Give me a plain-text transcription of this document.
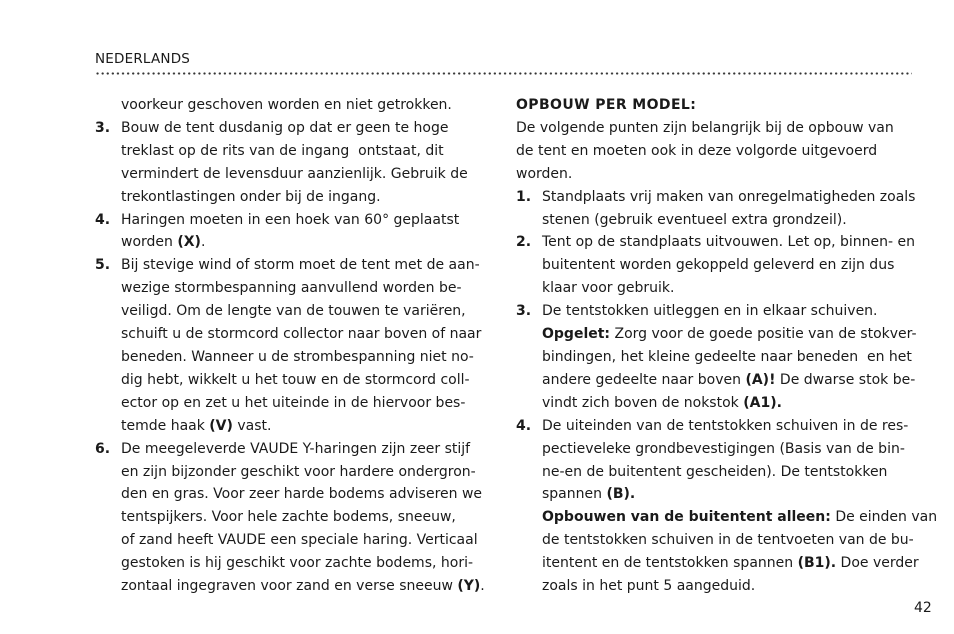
NEDERLANDS
voorkeur geschoven worden en niet getrokken.
3. Bouw de tent dusdanig op dat er geen te hoge
treklast op de rits van de ingang  ontstaat, dit
vermindert de levensduur aanzienlijk. Gebruik de
trekontlastingen onder bij de ingang.
4. Haringen moeten in een hoek van 60° geplaatst
worden (X).
5. Bij stevige wind of storm moet de tent met de aan-
wezige stormbespanning aanvullend worden be-
veiligd. Om de lengte van de touwen te variëren,
schuift u de stormcord collector naar boven of naar
beneden. Wanneer u de strombespanning niet no-
dig hebt, wikkelt u het touw en de stormcord coll-
ector op en zet u het uiteinde in de hiervoor bes-
temde haak (V) vast.
6. De meegeleverde VAUDE Y-haringen zijn zeer stijf
en zijn bijzonder geschikt voor hardere ondergron-
den en gras. Voor zeer harde bodems adviseren we
tentspijkers. Voor hele zachte bodems, sneeuw,
of zand heeft VAUDE een speciale haring. Verticaal
gestoken is hij geschikt voor zachte bodems, hori-
zontaal ingegraven voor zand en verse sneeuw (Y).
OPBOUW PER MODEL:
De volgende punten zijn belangrijk bij de opbouw van
de tent en moeten ook in deze volgorde uitgevoerd
worden.
1. Standplaats vrij maken van onregelmatigheden zoals
stenen (gebruik eventueel extra grondzeil).
2. Tent op de standplaats uitvouwen. Let op, binnen- en
buitentent worden gekoppeld geleverd en zijn dus
klaar voor gebruik.
3. De tentstokken uitleggen en in elkaar schuiven.
Opgelet: Zorg voor de goede positie van de stokver-
bindingen, het kleine gedeelte naar beneden  en het
andere gedeelte naar boven (A)! De dwarse stok be-
vindt zich boven de nokstok (A1).
4. De uiteinden van de tentstokken schuiven in de res-
pectieveleke grondbevestigingen (Basis van de bin-
ne-en de buitentent gescheiden). De tentstokken
spannen (B).
Opbouwen van de buitentent alleen: De einden van
de tentstokken schuiven in de tentvoeten van de bu-
itentent en de tentstokken spannen (B1). Doe verder
zoals in het punt 5 aangeduid.
42
